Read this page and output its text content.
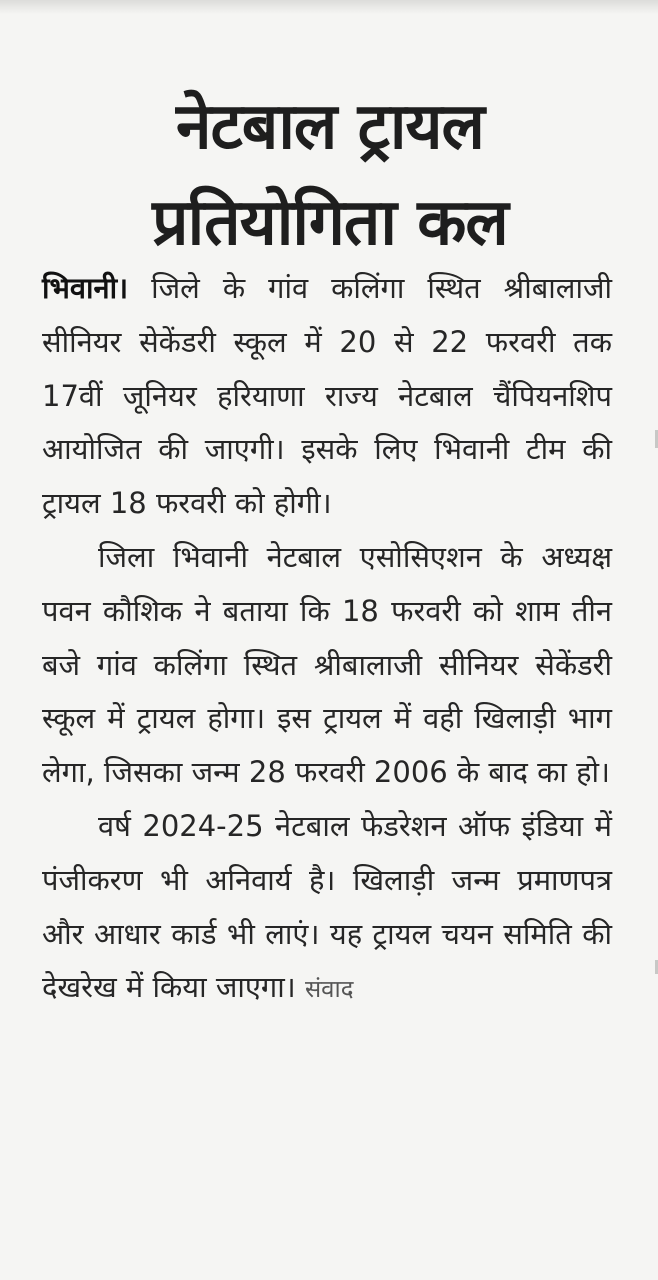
नेटबाल ट्रायल
प्रतियोगिता कल

भिवानी। जिले के गांव कलिंगा स्थित श्रीबालाजी सीनियर सेकेंडरी स्कूल में 20 से 22 फरवरी तक 17वीं जूनियर हरियाणा राज्य नेटबाल चैंपियनशिप आयोजित की जाएगी। इसके लिए भिवानी टीम की ट्रायल 18 फरवरी को होगी।

जिला भिवानी नेटबाल एसोसिएशन के अध्यक्ष पवन कौशिक ने बताया कि 18 फरवरी को शाम तीन बजे गांव कलिंगा स्थित श्रीबालाजी सीनियर सेकेंडरी स्कूल में ट्रायल होगा। इस ट्रायल में वही खिलाड़ी भाग लेगा, जिसका जन्म 28 फरवरी 2006 के बाद का हो।

वर्ष 2024-25 नेटबाल फेडरेशन ऑफ इंडिया में पंजीकरण भी अनिवार्य है। खिलाड़ी जन्म प्रमाणपत्र और आधार कार्ड भी लाएं। यह ट्रायल चयन समिति की देखरेख में किया जाएगा। संवाद
